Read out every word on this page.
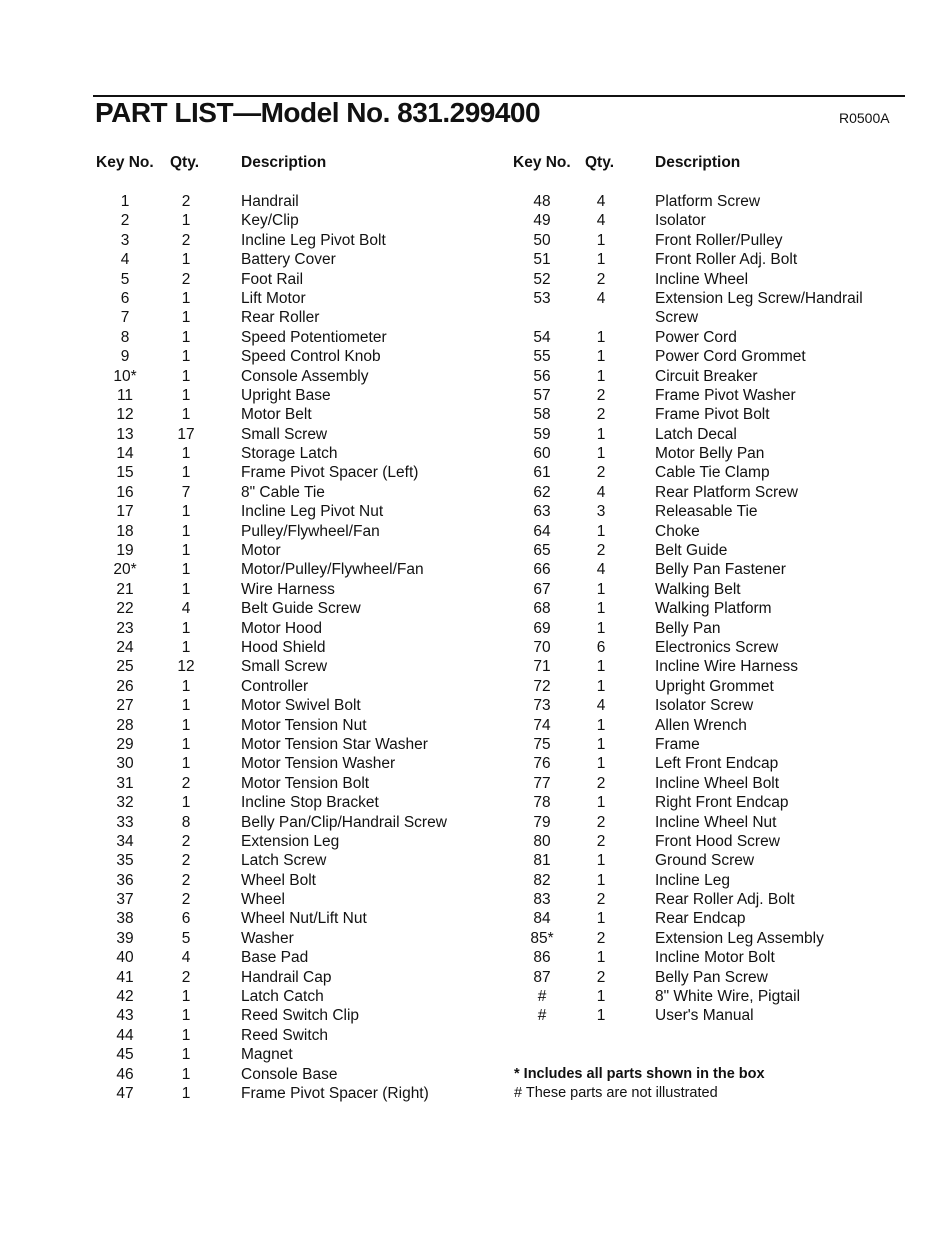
PART LIST—Model No. 831.299400	R0500A
Key No. Qty.	Description	Key No. Qty.	Description
1	2	Handrail
2	1	Key/Clip
3	2	Incline Leg Pivot Bolt
4	1	Battery Cover
5	2	Foot Rail
6	1	Lift Motor
7	1	Rear Roller
8	1	Speed Potentiometer
9	1	Speed Control Knob
10*	1	Console Assembly
11	1	Upright Base
12	1	Motor Belt
13	17	Small Screw
14	1	Storage Latch
15	1	Frame Pivot Spacer (Left)
16	7	8" Cable Tie
17	1	Incline Leg Pivot Nut
18	1	Pulley/Flywheel/Fan
19	1	Motor
20*	1	Motor/Pulley/Flywheel/Fan
21	1	Wire Harness
22	4	Belt Guide Screw
23	1	Motor Hood
24	1	Hood Shield
25	12	Small Screw
26	1	Controller
27	1	Motor Swivel Bolt
28	1	Motor Tension Nut
29	1	Motor Tension Star Washer
30	1	Motor Tension Washer
31	2	Motor Tension Bolt
32	1	Incline Stop Bracket
33	8	Belly Pan/Clip/Handrail Screw
34	2	Extension Leg
35	2	Latch Screw
36	2	Wheel Bolt
37	2	Wheel
38	6	Wheel Nut/Lift Nut
39	5	Washer
40	4	Base Pad
41	2	Handrail Cap
42	1	Latch Catch
43	1	Reed Switch Clip
44	1	Reed Switch
45	1	Magnet
46	1	Console Base
47	1	Frame Pivot Spacer (Right)
48	4	Platform Screw
49	4	Isolator
50	1	Front Roller/Pulley
51	1	Front Roller Adj. Bolt
52	2	Incline Wheel
53	4	Extension Leg Screw/Handrail
Screw
54	1	Power Cord
55	1	Power Cord Grommet
56	1	Circuit Breaker
57	2	Frame Pivot Washer
58	2	Frame Pivot Bolt
59	1	Latch Decal
60	1	Motor Belly Pan
61	2	Cable Tie Clamp
62	4	Rear Platform Screw
63	3	Releasable Tie
64	1	Choke
65	2	Belt Guide
66	4	Belly Pan Fastener
67	1	Walking Belt
68	1	Walking Platform
69	1	Belly Pan
70	6	Electronics Screw
71	1	Incline Wire Harness
72	1	Upright Grommet
73	4	Isolator Screw
74	1	Allen Wrench
75	1	Frame
76	1	Left Front Endcap
77	2	Incline Wheel Bolt
78	1	Right Front Endcap
79	2	Incline Wheel Nut
80	2	Front Hood Screw
81	1	Ground Screw
82	1	Incline Leg
83	2	Rear Roller Adj. Bolt
84	1	Rear Endcap
85*	2	Extension Leg Assembly
86	1	Incline Motor Bolt
87	2	Belly Pan Screw
#	1	8" White Wire, Pigtail
#	1	User's Manual
* Includes all parts shown in the box
# These parts are not illustrated
